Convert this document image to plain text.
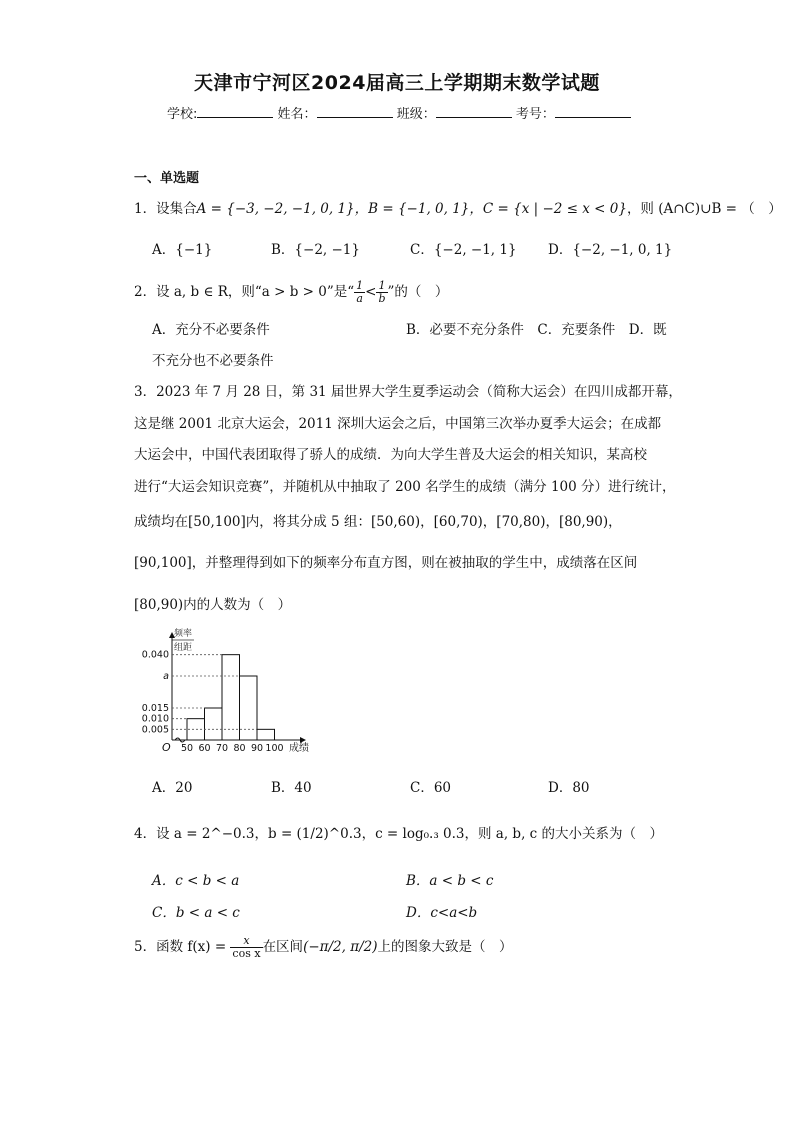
天津市宁河区2024届高三上学期期末数学试题
学校:	姓名：	班级：	考号：
一、单选题
1．设集合A = {−3, −2, −1, 0, 1}，B = {−1, 0, 1}，C = {x | −2 ≤ x < 0}，则 (A∩C)∪B = （　）
A．{−1}	B．{−2, −1}	C．{−2, −1, 1} D．{−2, −1, 0, 1}
2．设 a, b ∈ R，则“a > b > 0”是“ $\frac{1}{a} < \frac{1}{b}$ ”的（　）
A．充分不必要条件	B．必要不充分条件　C．充要条件　D．既
不充分也不必要条件
3．2023 年 7 月 28 日，第 31 届世界大学生夏季运动会（简称大运会）在四川成都开幕，
这是继 2001 北京大运会，2011 深圳大运会之后，中国第三次举办夏季大运会；在成都
大运会中，中国代表团取得了骄人的成绩．为向大学生普及大运会的相关知识，某高校
进行“大运会知识竞赛”，并随机从中抽取了 200 名学生的成绩（满分 100 分）进行统计，
成绩均在[50,100]内，将其分成 5 组：[50,60)，[60,70)，[70,80)，[80,90)，
[90,100]，并整理得到如下的频率分布直方图，则在被抽取的学生中，成绩落在区间
[80,90)内的人数为（　）
频率
组距
成绩
O
0.040
a
0.015
0.010
0.005
50 60 70 80 90 100
A．20	B．40	C．60	D．80
4．设 a = 2^−0.3，b = (1/2)^0.3，c = log₀.₃ 0.3，则 a, b, c 的大小关系为（　）
A．c < b < a	B．a < b < c
C．b < a < c	D．c<a<b
5．函数 $f(x) = \frac{x}{\text{cos x}}$ 在区间(−π/2, π/2)上的图象大致是（　）
